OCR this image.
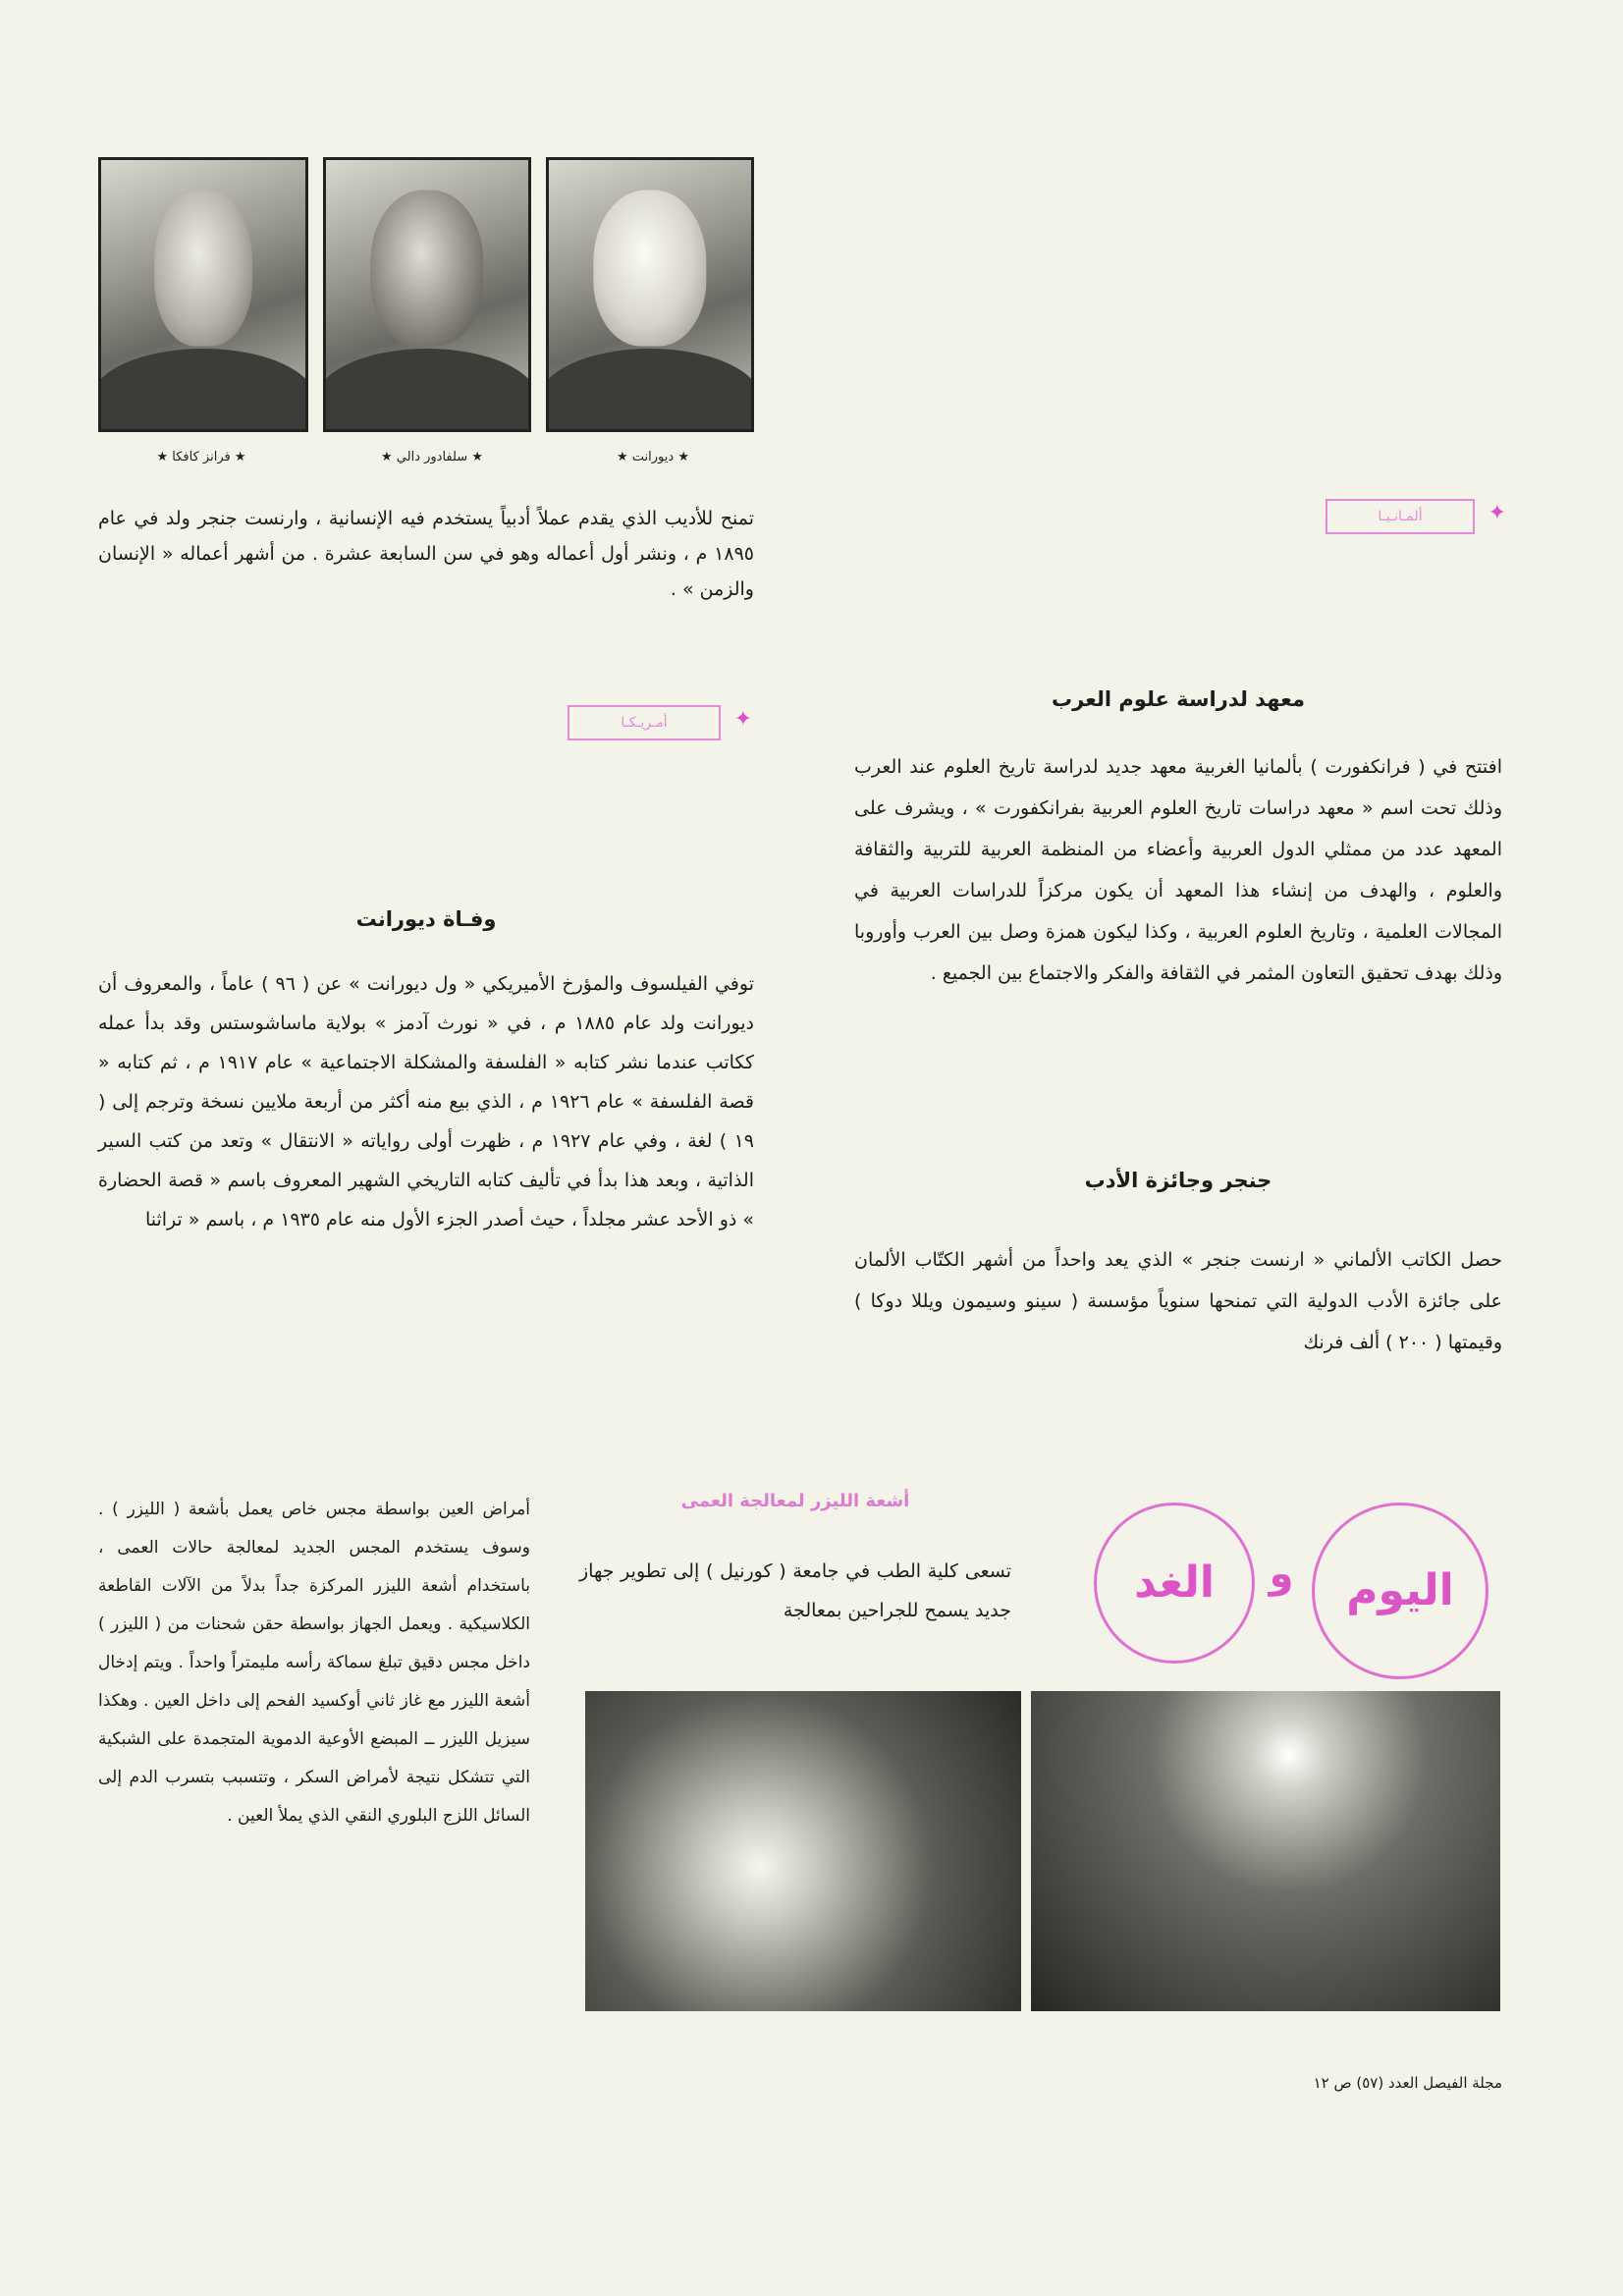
★ ديورانت ★
★ سلفادور دالي ★
★ فرانز كافكا ★
تمنح للأديب الذي يقدم عملاً أدبياً يستخدم فيه الإنسانية ، وارنست جنجر ولد في عام ١٨٩٥ م ، ونشر أول أعماله وهو في سن السابعة عشرة . من أشهر أعماله « الإنسان والزمن » .
✦
ألمـانـيـا
✦
أمـريـكـا
معهد لدراسة علوم العرب
افتتح في ( فرانكفورت ) بألمانيا الغربية معهد جديد لدراسة تاريخ العلوم عند العرب وذلك تحت اسم « معهد دراسات تاريخ العلوم العربية بفرانكفورت » ، ويشرف على المعهد عدد من ممثلي الدول العربية وأعضاء من المنظمة العربية للتربية والثقافة والعلوم ، والهدف من إنشاء هذا المعهد أن يكون مركزاً للدراسات العربية في المجالات العلمية ، وتاريخ العلوم العربية ، وكذا ليكون همزة وصل بين العرب وأوروبا وذلك بهدف تحقيق التعاون المثمر في الثقافة والفكر والاجتماع بين الجميع .
جنجر وجائزة الأدب
حصل الكاتب الألماني « ارنست جنجر » الذي يعد واحداً من أشهر الكتّاب الألمان على جائزة الأدب الدولية التي تمنحها سنوياً مؤسسة ( سينو وسيمون ويللا دوكا ) وقيمتها ( ٢٠٠ ) ألف فرنك
وفـاة ديورانت
توفي الفيلسوف والمؤرخ الأميريكي « ول ديورانت » عن ( ٩٦ ) عاماً ، والمعروف أن ديورانت ولد عام ١٨٨٥ م ، في « نورث آدمز » بولاية ماساشوستس وقد بدأ عمله ككاتب عندما نشر كتابه « الفلسفة والمشكلة الاجتماعية » عام ١٩١٧ م ، ثم كتابه « قصة الفلسفة » عام ١٩٢٦ م ، الذي بيع منه أكثر من أربعة ملايين نسخة وترجم إلى ( ١٩ ) لغة ، وفي عام ١٩٢٧ م ، ظهرت أولى رواياته « الانتقال » وتعد من كتب السير الذاتية ، وبعد هذا بدأ في تأليف كتابه التاريخي الشهير المعروف باسم « قصة الحضارة » ذو الأحد عشر مجلداً ، حيث أصدر الجزء الأول منه عام ١٩٣٥ م ، باسم « تراثنا
اليوم
و
الغد
أشعة الليزر لمعالجة العمى
تسعى كلية الطب في جامعة ( كورنيل ) إلى تطوير جهاز جديد يسمح للجراحين بمعالجة
أمراض العين بواسطة مجس خاص يعمل بأشعة ( الليزر ) . وسوف يستخدم المجس الجديد لمعالجة حالات العمى ، باستخدام أشعة الليزر المركزة جداً بدلاً من الآلات القاطعة الكلاسيكية . ويعمل الجهاز بواسطة حقن شحنات من ( الليزر ) داخل مجس دقيق تبلغ سماكة رأسه مليمتراً واحداً . ويتم إدخال أشعة الليزر مع غاز ثاني أوكسيد الفحم إلى داخل العين . وهكذا سيزيل الليزر ــ المبضع الأوعية الدموية المتجمدة على الشبكية التي تتشكل نتيجة لأمراض السكر ، وتتسبب بتسرب الدم إلى السائل اللزج البلوري النقي الذي يملأ العين .
مجلة الفيصل العدد (٥٧) ص ١٢
